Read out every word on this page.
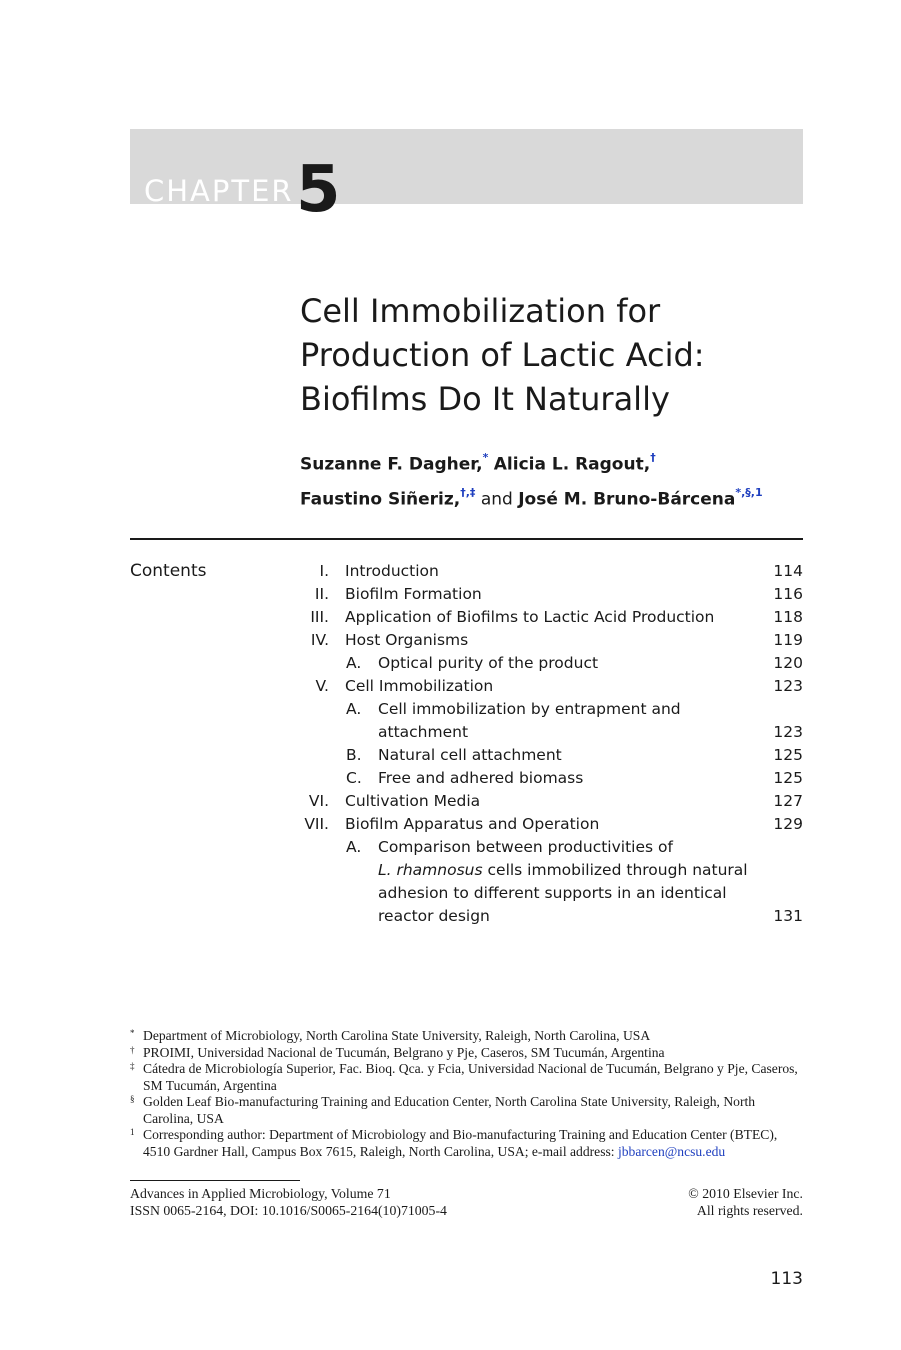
CHAPTER 5
Cell Immobilization for
Production of Lactic Acid:
Biofilms Do It Naturally
Suzanne F. Dagher,* Alicia L. Ragout,†
Faustino Siñeriz,†,‡ and José M. Bruno-Bárcena$^{*,\S,1}$
Contents	I. Introduction	114
II. Biofilm Formation	116
III. Application of Biofilms to Lactic Acid Production	118
IV. Host Organisms	119
A. Optical purity of the product	120
V. Cell Immobilization	123
A. Cell immobilization by entrapment and
attachment	123
B. Natural cell attachment	125
C. Free and adhered biomass	125
VI. Cultivation Media	127
VII. Biofilm Apparatus and Operation	129
A. Comparison between productivities of
L. rhamnosus cells immobilized through natural
adhesion to different supports in an identical
reactor design	131
* Department of Microbiology, North Carolina State University, Raleigh, North Carolina, USA
† PROIMI, Universidad Nacional de Tucumán, Belgrano y Pje, Caseros, SM Tucumán, Argentina
‡ Cátedra de Microbiología Superior, Fac. Bioq. Qca. y Fcia, Universidad Nacional de Tucumán, Belgrano y Pje, Caseros, SM Tucumán, Argentina
§ Golden Leaf Bio-manufacturing Training and Education Center, North Carolina State University, Raleigh, North Carolina, USA
1 Corresponding author: Department of Microbiology and Bio-manufacturing Training and Education Center (BTEC), 4510 Gardner Hall, Campus Box 7615, Raleigh, North Carolina, USA; e-mail address: jbbarcen@ncsu.edu
Advances in Applied Microbiology, Volume 71
ISSN 0065-2164, DOI: 10.1016/S0065-2164(10)71005-4
© 2010 Elsevier Inc.
All rights reserved.
113
